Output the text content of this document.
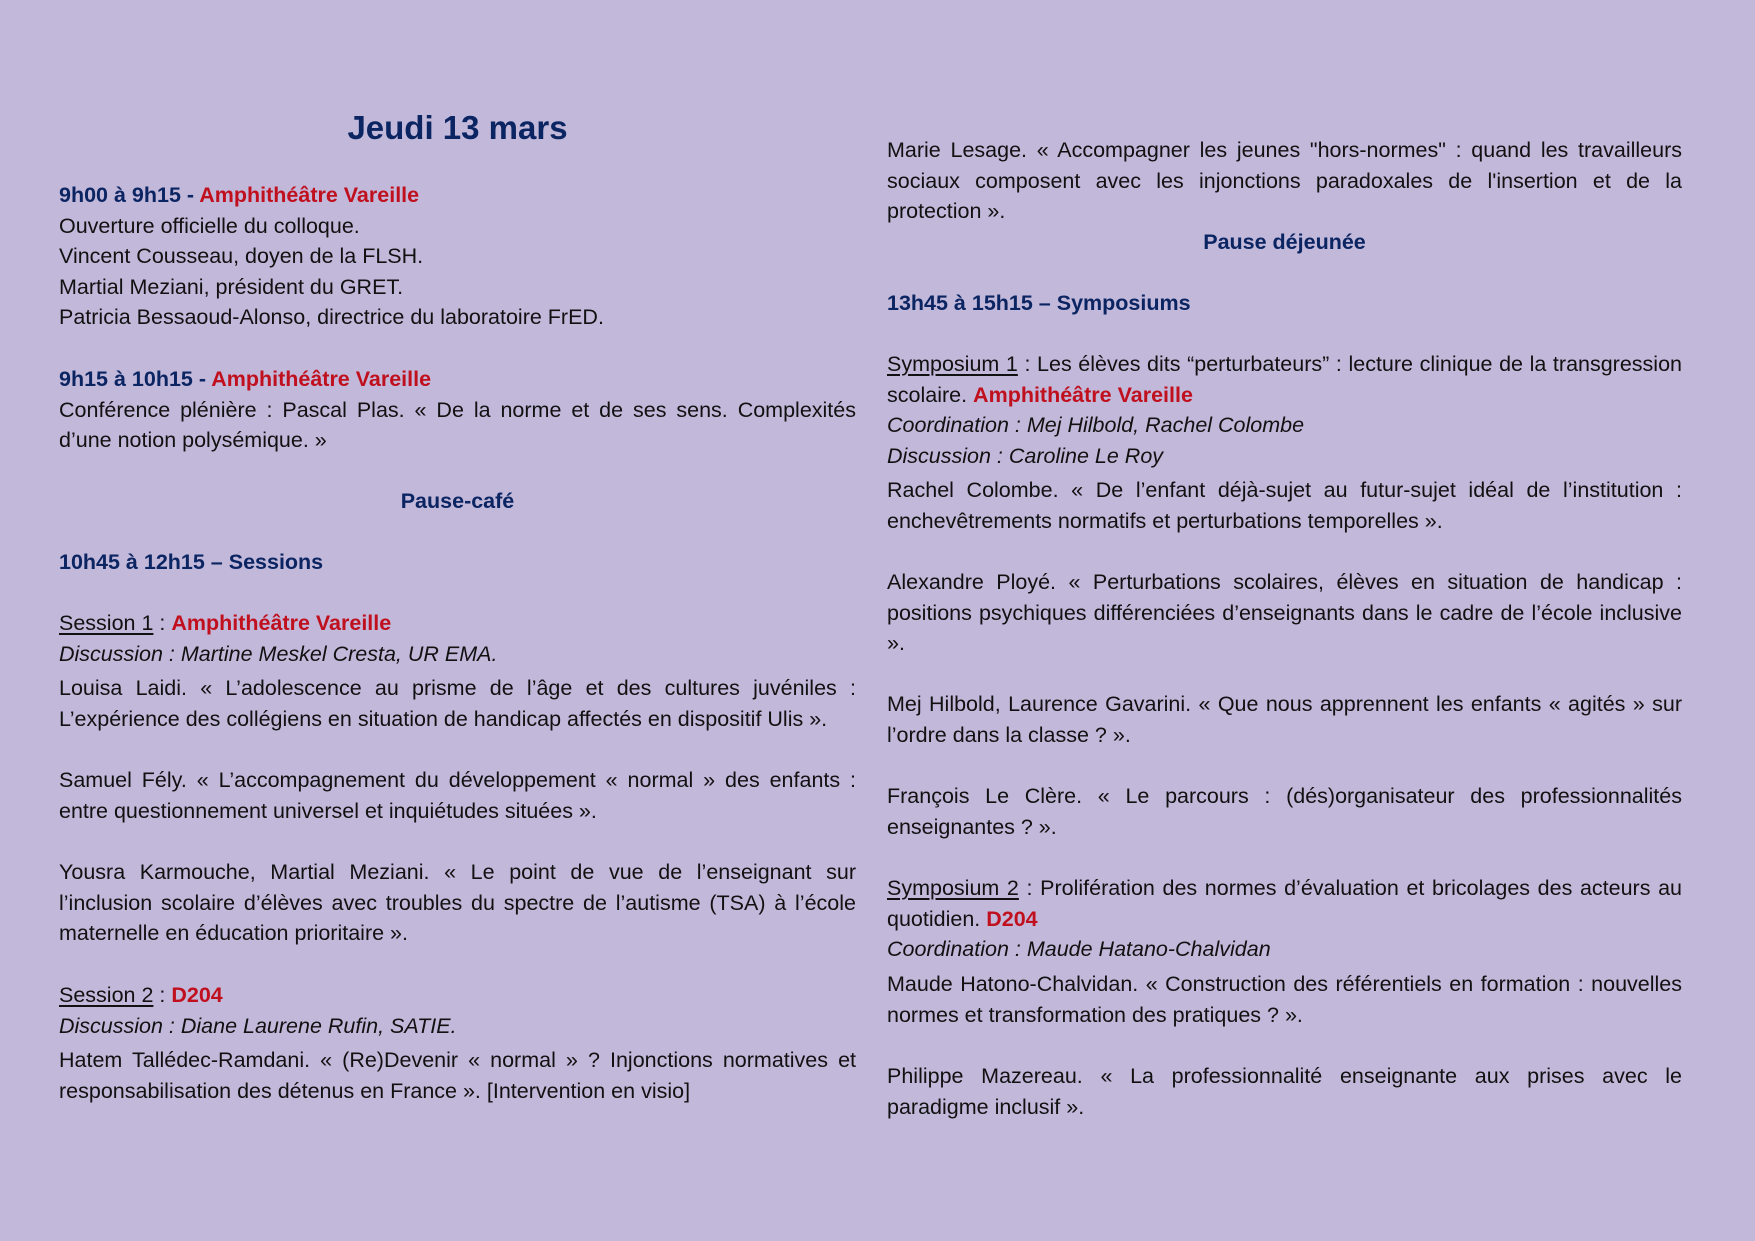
Jeudi 13 mars

9h00 à 9h15 - Amphithéâtre Vareille

Ouverture officielle du colloque.

Vincent Cousseau, doyen de la FLSH.

Martial Meziani, président du GRET.

Patricia Bessaoud-Alonso, directrice du laboratoire FrED.

9h15 à 10h15 - Amphithéâtre Vareille

Conférence plénière : Pascal Plas. « De la norme et de ses sens. Complexités d’une notion polysémique. »

Pause-café

10h45 à 12h15 – Sessions

Session 1 : Amphithéâtre Vareille

Discussion : Martine Meskel Cresta, UR EMA.

Louisa Laidi. « L’adolescence au prisme de l’âge et des cultures juvéniles : L’expérience des collégiens en situation de handicap affectés en dispositif Ulis ».

Samuel Fély. « L’accompagnement du développement « normal » des enfants : entre questionnement universel et inquiétudes situées ».

Yousra Karmouche, Martial Meziani. « Le point de vue de l’enseignant sur l’inclusion scolaire d’élèves avec troubles du spectre de l’autisme (TSA) à l’école maternelle en éducation prioritaire ».

Session 2 : D204

Discussion : Diane Laurene Rufin, SATIE.

Hatem Tallédec-Ramdani. « (Re)Devenir « normal » ? Injonctions normatives et responsabilisation des détenus en France ». [Intervention en visio]

Marie Lesage. « Accompagner les jeunes "hors-normes" : quand les travailleurs sociaux composent avec les injonctions paradoxales de l'insertion et de la protection ».

Pause déjeunée

13h45 à 15h15 – Symposiums

Symposium 1 : Les élèves dits “perturbateurs” : lecture clinique de la transgression scolaire. Amphithéâtre Vareille

Coordination : Mej Hilbold, Rachel Colombe

Discussion : Caroline Le Roy

Rachel Colombe. « De l’enfant déjà-sujet au futur-sujet idéal de l’institution : enchevêtrements normatifs et perturbations temporelles ».

Alexandre Ployé. « Perturbations scolaires, élèves en situation de handicap : positions psychiques différenciées d’enseignants dans le cadre de l’école inclusive ».

Mej Hilbold, Laurence Gavarini. « Que nous apprennent les enfants « agités » sur l’ordre dans la classe ? ».

François Le Clère. « Le parcours : (dés)organisateur des professionnalités enseignantes ? ».

Symposium 2 : Prolifération des normes d’évaluation et bricolages des acteurs au quotidien. D204

Coordination : Maude Hatano-Chalvidan

Maude Hatono-Chalvidan. « Construction des référentiels en formation : nouvelles normes et transformation des pratiques ? ».

Philippe Mazereau. « La professionnalité enseignante aux prises avec le paradigme inclusif ».
